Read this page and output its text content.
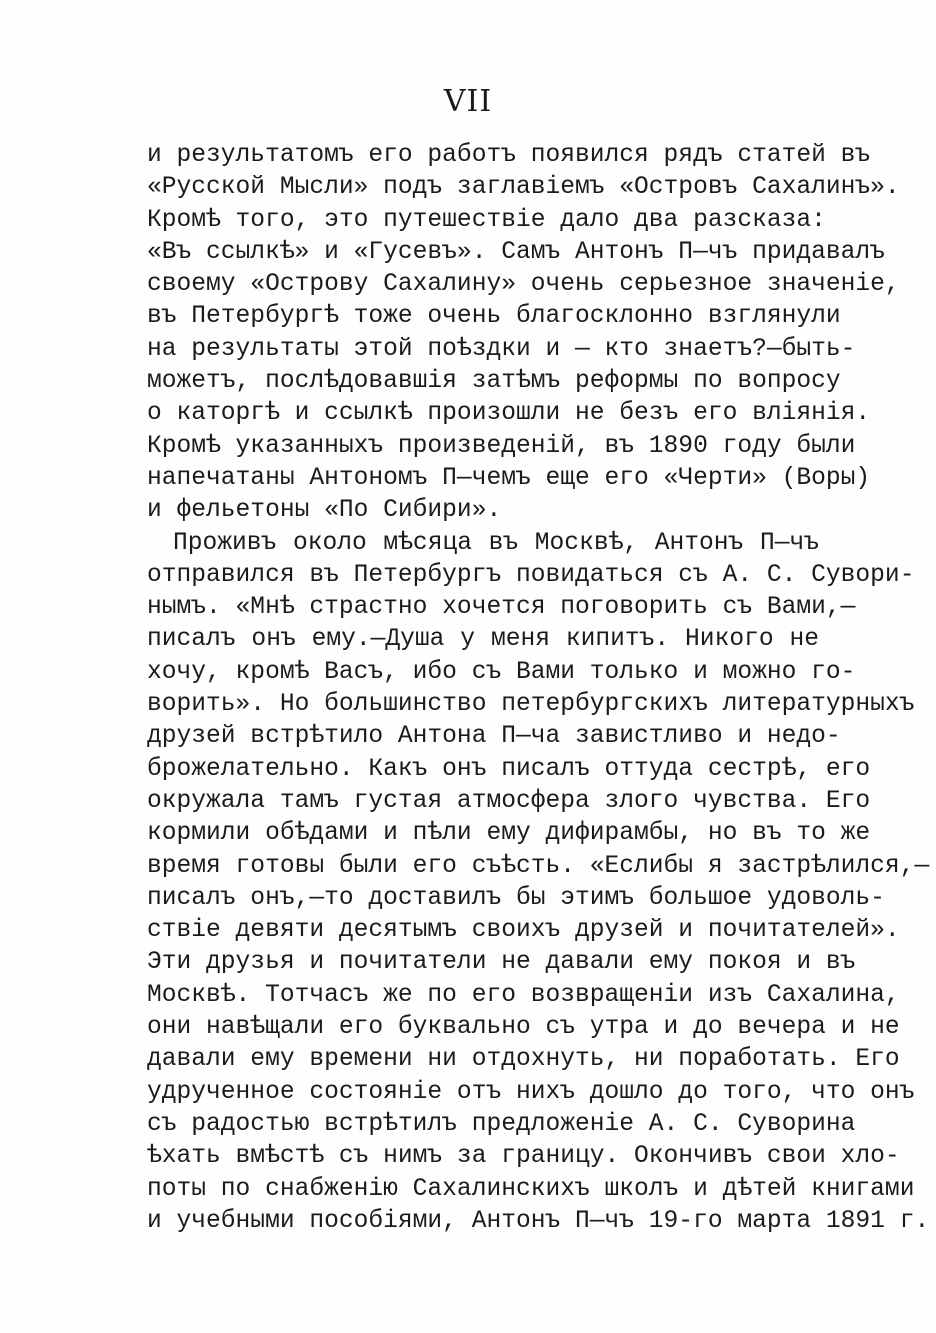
VII
и результатомъ его работъ появился рядъ статей въ
«Русской Мысли» подъ заглавіемъ «Островъ Сахалинъ».
Кромѣ того, это путешествіе дало два разсказа:
«Въ ссылкѣ» и «Гусевъ». Самъ Антонъ П—чъ придавалъ
своему «Острову Сахалину» очень серьезное значеніе,
въ Петербургѣ тоже очень благосклонно взглянули
на результаты этой поѣздки и — кто знаетъ?—быть-
можетъ, послѣдовавшія затѣмъ реформы по вопросу
о каторгѣ и ссылкѣ произошли не безъ его вліянія.
Кромѣ указанныхъ произведеній, въ 1890 году были
напечатаны Антономъ П—чемъ еще его «Черти» (Воры)
и фельетоны «По Сибири».
Проживъ около мѣсяца въ Москвѣ, Антонъ П—чъ
отправился въ Петербургъ повидаться съ А. С. Сувори-
нымъ. «Мнѣ страстно хочется поговорить съ Вами,—
писалъ онъ ему.—Душа у меня кипитъ. Никого не
хочу, кромѣ Васъ, ибо съ Вами только и можно го-
ворить». Но большинство петербургскихъ литературныхъ
друзей встрѣтило Антона П—ча завистливо и недо-
брожелательно. Какъ онъ писалъ оттуда сестрѣ, его
окружала тамъ густая атмосфера злого чувства. Его
кормили обѣдами и пѣли ему дифирамбы, но въ то же
время готовы были его съѣсть. «Еслибы я застрѣлился,—
писалъ онъ,—то доставилъ бы этимъ большое удоволь-
ствіе девяти десятымъ своихъ друзей и почитателей».
Эти друзья и почитатели не давали ему покоя и въ
Москвѣ. Тотчасъ же по его возвращеніи изъ Сахалина,
они навѣщали его буквально съ утра и до вечера и не
давали ему времени ни отдохнуть, ни поработать. Его
удрученное состояніе отъ нихъ дошло до того, что онъ
съ радостью встрѣтилъ предложеніе А. С. Суворина
ѣхать вмѣстѣ съ нимъ за границу. Окончивъ свои хло-
поты по снабженію Сахалинскихъ школъ и дѣтей книгами
и учебными пособіями, Антонъ П—чъ 19-го марта 1891 г.
